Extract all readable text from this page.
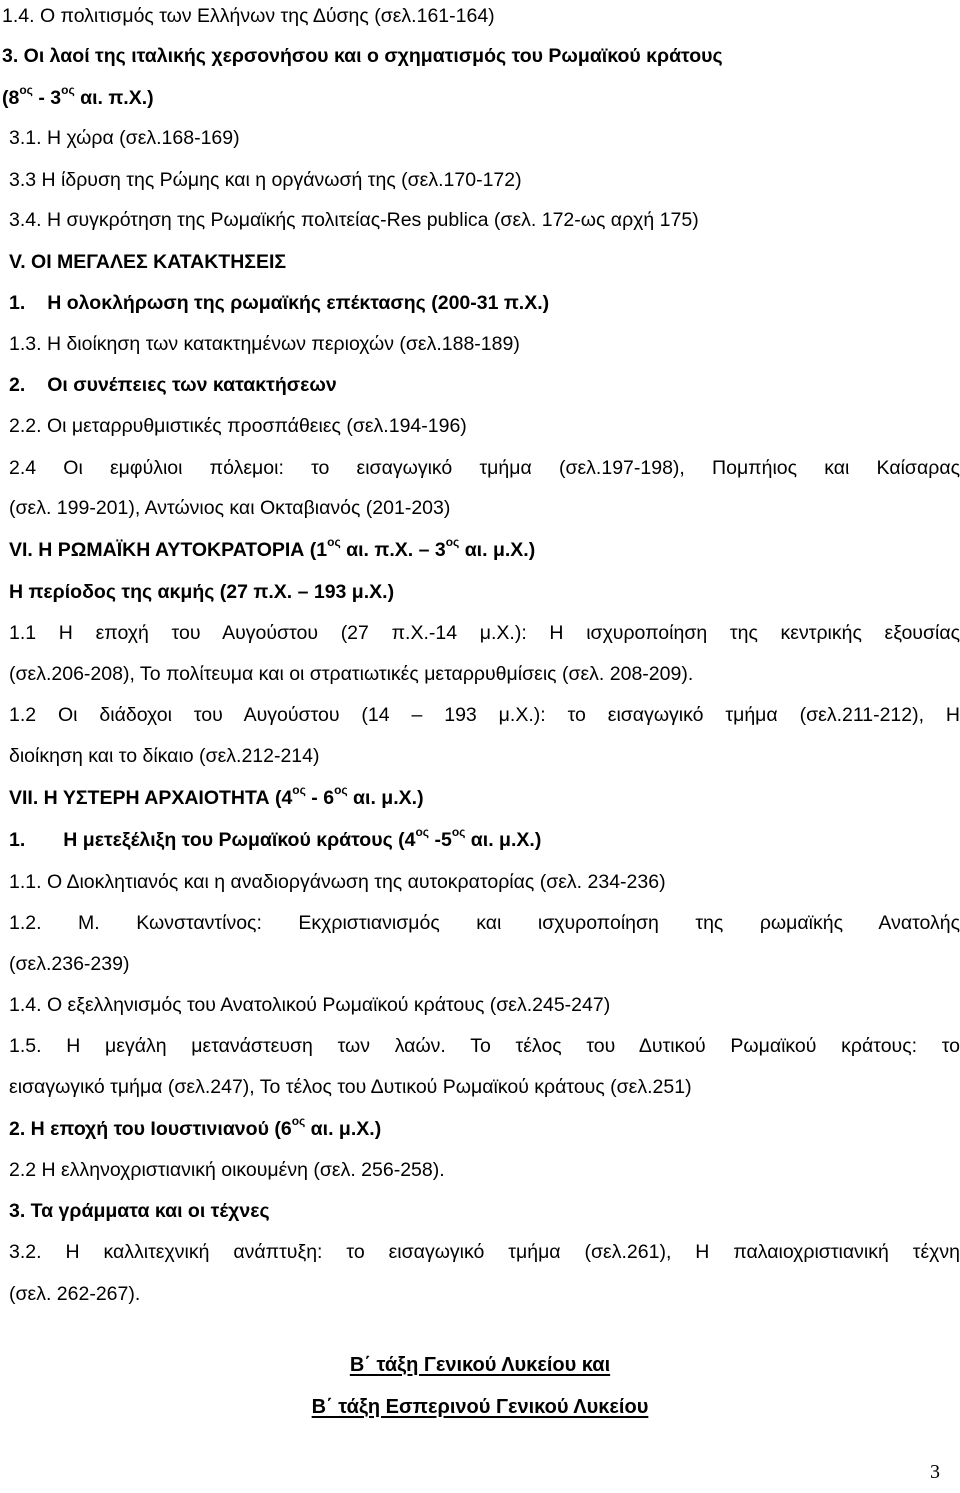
1.4. Ο πολιτισμός των Ελλήνων της Δύσης (σελ.161-164)
3. Οι λαοί της ιταλικής χερσονήσου και ο σχηματισμός του Ρωμαϊκού κράτους
($8^{o\varsigma} - 3^{o\varsigma}$ αι. π.Χ.)
3.1. Η χώρα (σελ.168-169)
3.3 Η ίδρυση της Ρώμης και η οργάνωσή της (σελ.170-172)
3.4. Η συγκρότηση της Ρωμαϊκής πολιτείας-Res publica (σελ. 172-ως αρχή 175)
V. ΟΙ ΜΕΓΑΛΕΣ ΚΑΤΑΚΤΗΣΕΙΣ
1. Η ολοκλήρωση της ρωμαϊκής επέκτασης (200-31 π.Χ.)
1.3. Η διοίκηση των κατακτημένων περιοχών (σελ.188-189)
2. Οι συνέπειες των κατακτήσεων
2.2. Οι μεταρρυθμιστικές προσπάθειες (σελ.194-196)
2.4 Οι εμφύλιοι πόλεμοι: το εισαγωγικό τμήμα (σελ.197-198), Πομπήιος και Καίσαρας
(σελ. 199-201), Αντώνιος και Οκταβιανός (201-203)
VI. Η ΡΩΜΑΪΚΗ ΑΥΤΟΚΡΑΤΟΡΙΑ ($1^{o\varsigma}$ αι. π.Χ. – $3^{o\varsigma}$ αι. μ.Χ.)
Η περίοδος της ακμής (27 π.Χ. – 193 μ.Χ.)
1.1 Η εποχή του Αυγούστου (27 π.Χ.-14 μ.Χ.): Η ισχυροποίηση της κεντρικής εξουσίας
(σελ.206-208), Το πολίτευμα και οι στρατιωτικές μεταρρυθμίσεις (σελ. 208-209).
1.2 Οι διάδοχοι του Αυγούστου (14 – 193 μ.Χ.): το εισαγωγικό τμήμα (σελ.211-212), Η
διοίκηση και το δίκαιο (σελ.212-214)
VII. Η ΥΣΤΕΡΗ ΑΡΧΑΙΟΤΗΤΑ ($4^{o\varsigma} - 6^{o\varsigma}$ αι. μ.Χ.)
1. Η μετεξέλιξη του Ρωμαϊκού κράτους ($4^{o\varsigma}$ $-5^{o\varsigma}$ αι. μ.Χ.)
1.1. Ο Διοκλητιανός και η αναδιοργάνωση της αυτοκρατορίας (σελ. 234-236)
1.2. Μ. Κωνσταντίνος: Εκχριστιανισμός και ισχυροποίηση της ρωμαϊκής Ανατολής
(σελ.236-239)
1.4. Ο εξελληνισμός του Ανατολικού Ρωμαϊκού κράτους (σελ.245-247)
1.5. Η μεγάλη μετανάστευση των λαών. Το τέλος του Δυτικού Ρωμαϊκού κράτους: το
εισαγωγικό τμήμα (σελ.247), Το τέλος του Δυτικού Ρωμαϊκού κράτους (σελ.251)
2. Η εποχή του Ιουστινιανού ($6^{o\varsigma}$ αι. μ.Χ.)
2.2 Η ελληνοχριστιανική οικουμένη (σελ. 256-258).
3. Τα γράμματα και οι τέχνες
3.2. Η καλλιτεχνική ανάπτυξη: το εισαγωγικό τμήμα (σελ.261), Η παλαιοχριστιανική τέχνη
(σελ. 262-267).
Β΄ τάξη Γενικού Λυκείου και
Β΄ τάξη Εσπερινού Γενικού Λυκείου
3
